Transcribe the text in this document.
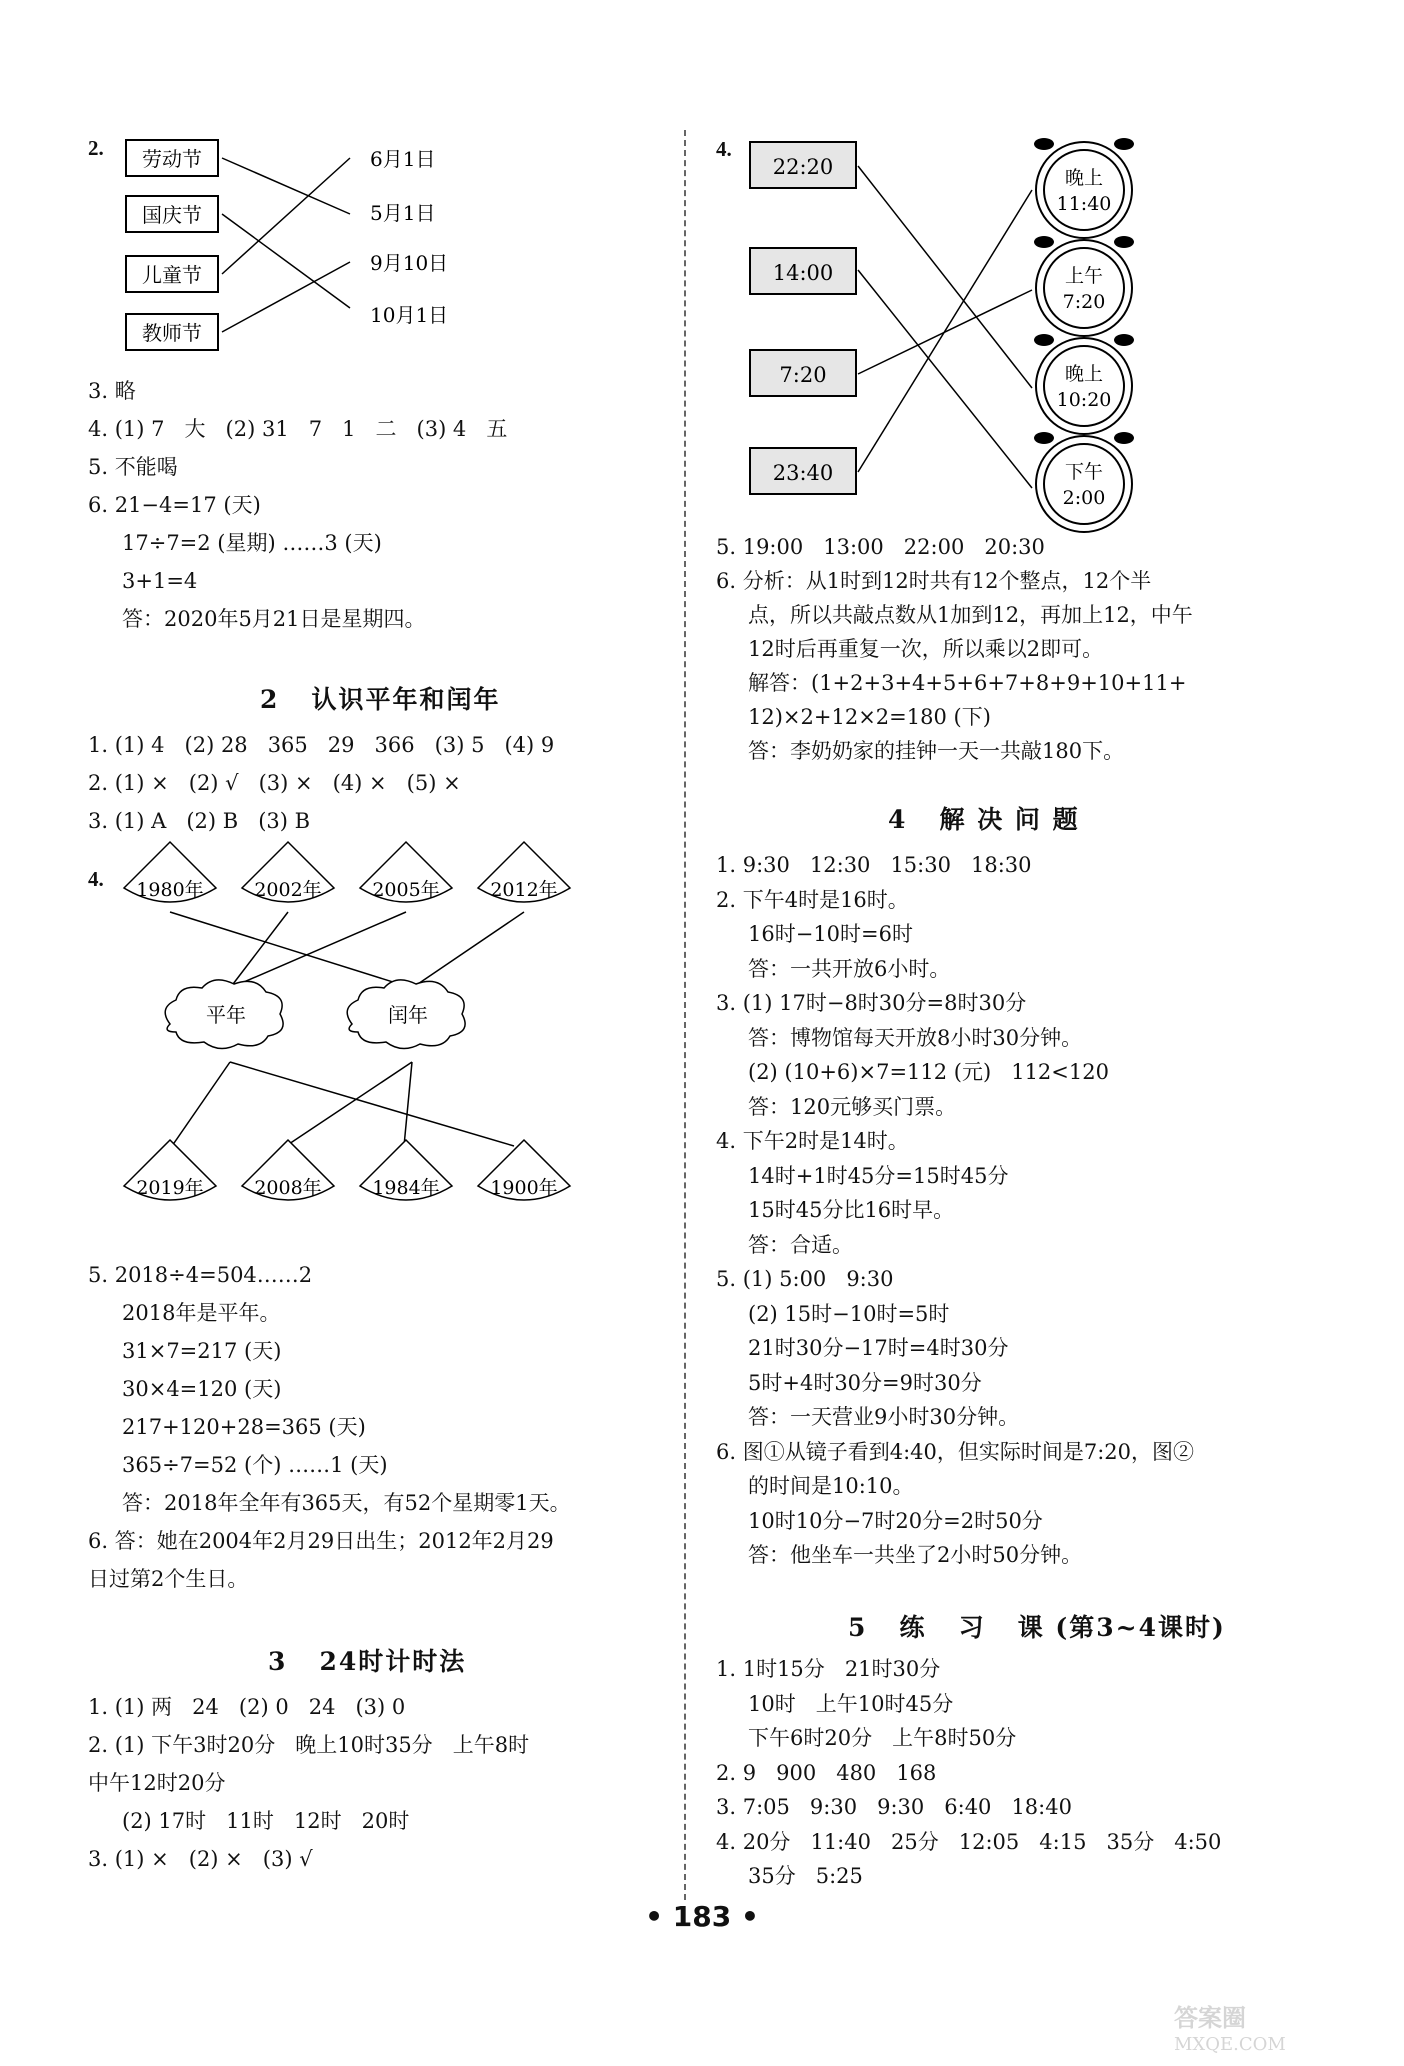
2. 劳动节
国庆节
儿童节
教师节
6月1日
5月1日
9月10日
10月1日
3. 略
4. (1) 7   大   (2) 31   7   1   二   (3) 4   五
5. 不能喝
6. 21−4=17 (天)
17÷7=2 (星期) ……3 (天)
3+1=4
答：2020年5月21日是星期四。
2   认识平年和闰年
1. (1) 4   (2) 28   365   29   366   (3) 5   (4) 9
2. (1) ×   (2) √   (3) ×   (4) ×   (5) ×
3. (1) A   (2) B   (3) B
4. 1980年	2002年	2005年	2012年
平年	闰年
2019年	2008年	1984年	1900年
5. 2018÷4=504……2
2018年是平年。
31×7=217 (天)
30×4=120 (天)
217+120+28=365 (天)
365÷7=52 (个) ……1 (天)
答：2018年全年有365天，有52个星期零1天。
6. 答：她在2004年2月29日出生；2012年2月29
日过第2个生日。
3   24时计时法
1. (1) 两   24   (2) 0   24   (3) 0
2. (1) 下午3时20分   晚上10时35分   上午8时
中午12时20分
(2) 17时   11时   12时   20时
3. (1) ×   (2) ×   (3) √
4.
22:20
14:00
7:20
23:40
晚上
11:40
上午
7:20
晚上
10:20
下午
2:00
5. 19:00   13:00   22:00   20:30
6. 分析：从1时到12时共有12个整点，12个半
点，所以共敲点数从1加到12，再加上12，中午
12时后再重复一次，所以乘以2即可。
解答：(1+2+3+4+5+6+7+8+9+10+11+
12)×2+12×2=180 (下)
答：李奶奶家的挂钟一天一共敲180下。
4   解 决 问 题
1. 9:30   12:30   15:30   18:30
2. 下午4时是16时。
16时−10时=6时
答：一共开放6小时。
3. (1) 17时−8时30分=8时30分
答：博物馆每天开放8小时30分钟。
(2) (10+6)×7=112 (元)   112<120
答：120元够买门票。
4. 下午2时是14时。
14时+1时45分=15时45分
15时45分比16时早。
答：合适。
5. (1) 5:00   9:30
(2) 15时−10时=5时
21时30分−17时=4时30分
5时+4时30分=9时30分
答：一天营业9小时30分钟。
6. 图①从镜子看到4:40，但实际时间是7:20，图②
的时间是10:10。
10时10分−7时20分=2时50分
答：他坐车一共坐了2小时50分钟。
5   练   习   课 (第3~4课时)
1. 1时15分   21时30分
10时   上午10时45分
下午6时20分   上午8时50分
2. 9   900   480   168
3. 7:05   9:30   9:30   6:40   18:40
4. 20分   11:40   25分   12:05   4:15   35分   4:50
35分   5:25
• 183 •
答案圈
MXQE.COM
